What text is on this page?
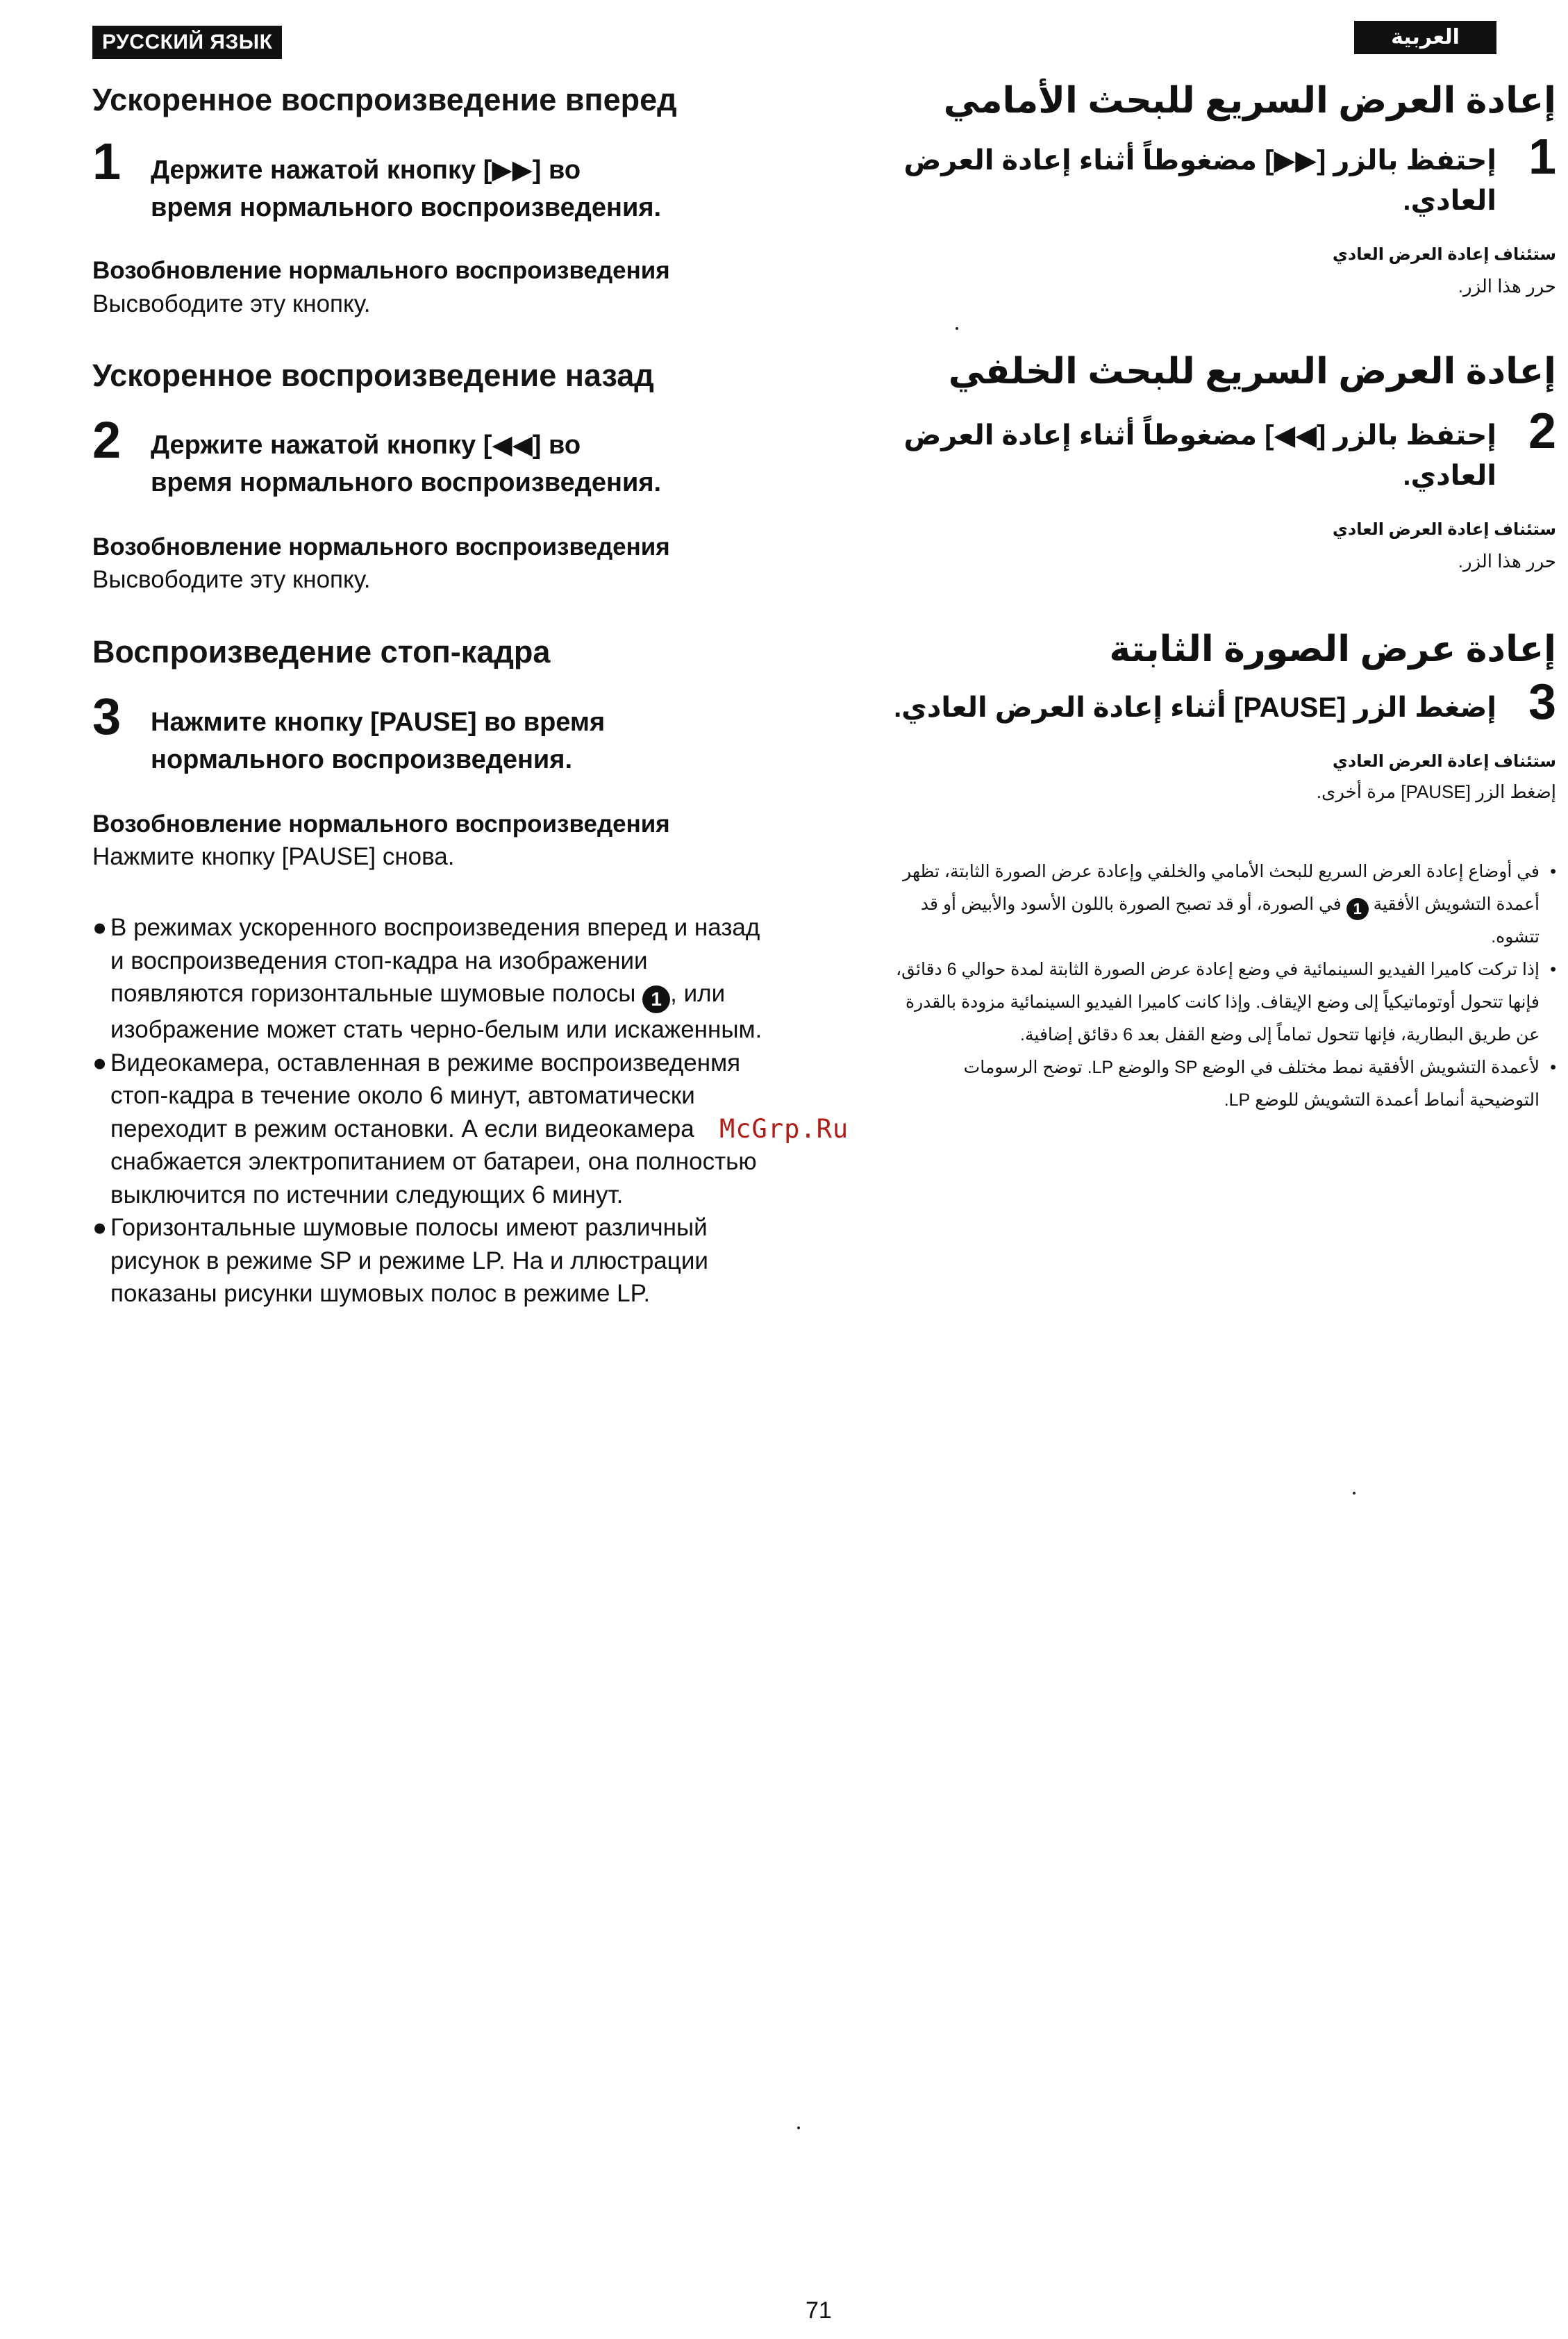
РУССКИЙ ЯЗЫК	العربية
Ускоренное воспроизведение вперед
1 Держите нажатой кнопку [▶▶] во
время нормального воспроизведения.
Возобновление нормального воспроизведения
Высвободите эту кнопку.
Ускоренное воспроизведение назад
2 Держите нажатой кнопку [◀◀] во
время нормального воспроизведения.
Возобновление нормального воспроизведения
Высвободите эту кнопку.
Воспроизведение стоп-кадра
3 Нажмите кнопку [PAUSE] во время
нормального воспроизведения.
Возобновление нормального воспроизведения
Нажмите кнопку [PAUSE] снова.
● В режимах ускоренного воспроизведения вперед и назад и воспроизведения стоп-кадра на изображении появляются горизонтальные шумовые полосы 1 , или изображение может стать черно-белым или искаженным.
● Видеокамера, оставленная в режиме воспроизведенмя стоп-кадра в течение около 6 минут, автоматически переходит в режим остановки. А если видеокамера снабжается электропитанием от батареи, она полностью выключится по истечнии следующих 6 минут.
● Горизонтальные шумовые полосы имеют различный рисунок в режиме SP и режиме LP. На и ллюстрации показаны рисунки шумовых полос в режиме LP.
إعادة العرض السريع للبحث الأمامي
1
إحتفظ بالزر [▶▶] مضغوطاً أثناء إعادة العرض العادي.
ستئناف إعادة العرض العادي
حرر هذا الزر.
إعادة العرض السريع للبحث الخلفي
2
إحتفظ بالزر [◀◀] مضغوطاً أثناء إعادة العرض العادي.
ستئناف إعادة العرض العادي
حرر هذا الزر.
إعادة عرض الصورة الثابتة
3
إضغط الزر [PAUSE] أثناء إعادة العرض العادي.
ستئناف إعادة العرض العادي
إضغط الزر [PAUSE] مرة أخرى.
•
في أوضاع إعادة العرض السريع للبحث الأمامي والخلفي وإعادة عرض الصورة الثابتة، تظهر أعمدة التشويش الأفقية 1 في الصورة، أو قد تصبح الصورة باللون الأسود والأبيض أو قد تتشوه.
•
إذا تركت كاميرا الفيديو السينمائية في وضع إعادة عرض الصورة الثابتة لمدة حوالي 6 دقائق، فإنها تتحول أوتوماتيكياً إلى وضع الإيقاف. وإذا كانت كاميرا الفيديو السينمائية مزودة بالقدرة عن طريق البطارية، فإنها تتحول تماماً إلى وضع القفل بعد 6 دقائق إضافية.
•
لأعمدة التشويش الأفقية نمط مختلف في الوضع SP والوضع LP. توضح الرسومات التوضيحية أنماط أعمدة التشويش للوضع LP.
McGrp.Ru
71
